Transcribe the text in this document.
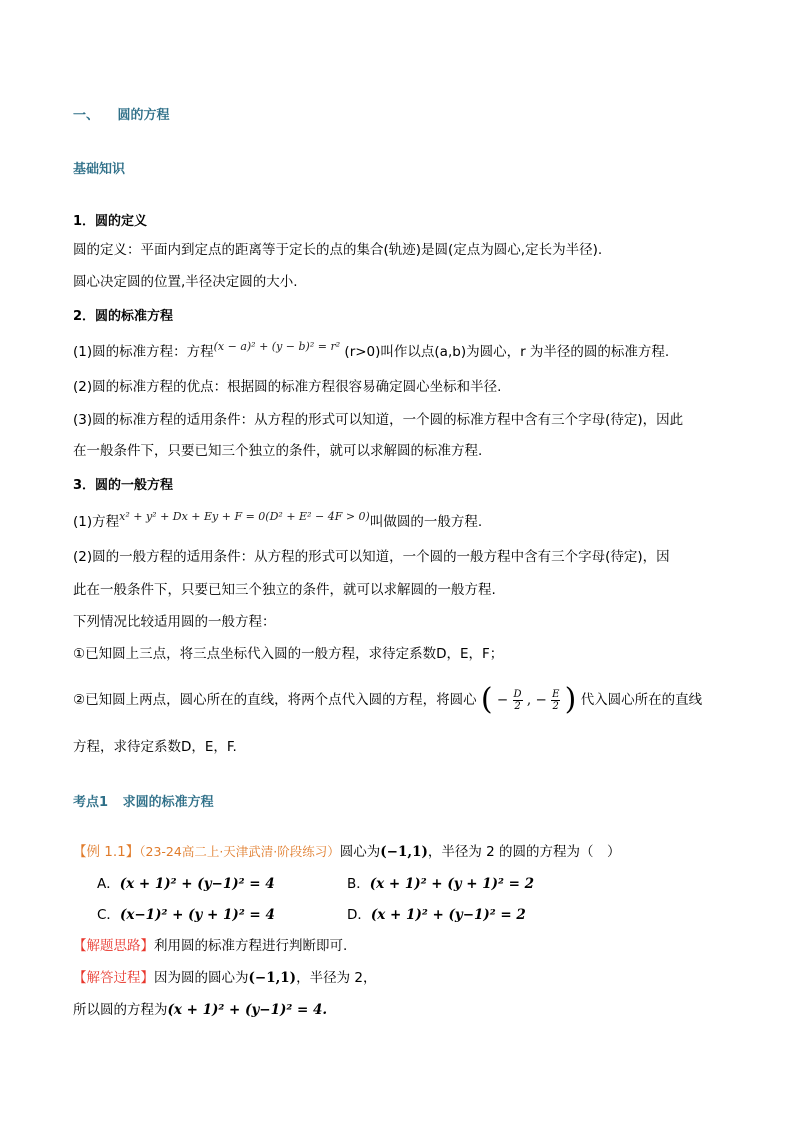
一、 圆的方程
基础知识
1．圆的定义
圆的定义：平面内到定点的距离等于定长的点的集合(轨迹)是圆(定点为圆心,定长为半径).
圆心决定圆的位置,半径决定圆的大小.
2．圆的标准方程
(1)圆的标准方程：方程$^{(x - a)^2 + (y - b)^2 = r^2}$ (r>0)叫作以点(a,b)为圆心，r 为半径的圆的标准方程.
(2)圆的标准方程的优点：根据圆的标准方程很容易确定圆心坐标和半径.
(3)圆的标准方程的适用条件：从方程的形式可以知道，一个圆的标准方程中含有三个字母(待定)，因此
在一般条件下，只要已知三个独立的条件，就可以求解圆的标准方程.
3．圆的一般方程
(1)方程$^{x^2 + y^2 + Dx + Ey + F = 0(D^2 + E^2 - 4F > 0)}$叫做圆的一般方程.
(2)圆的一般方程的适用条件：从方程的形式可以知道，一个圆的一般方程中含有三个字母(待定)，因
此在一般条件下，只要已知三个独立的条件，就可以求解圆的一般方程.
下列情况比较适用圆的一般方程：
①已知圆上三点，将三点坐标代入圆的一般方程，求待定系数D，E，F；
②已知圆上两点，圆心所在的直线，将两个点代入圆的方程，将圆心 ( − $\frac{D}{2}$ , − $\frac{E}{2}$ ) 代入圆心所在的直线
方程，求待定系数D，E，F.
考点1 求圆的标准方程
【例 1.1】（23-24高二上·天津武清·阶段练习）圆心为(−1,1)，半径为 2 的圆的方程为（　）
A．(x + 1)² + (y−1)² = 4	B．(x + 1)² + (y + 1)² = 2
C．(x−1)² + (y + 1)² = 4	D．(x + 1)² + (y−1)² = 2
【解题思路】利用圆的标准方程进行判断即可.
【解答过程】因为圆的圆心为(−1,1)，半径为 2，
所以圆的方程为(x + 1)² + (y−1)² = 4.
